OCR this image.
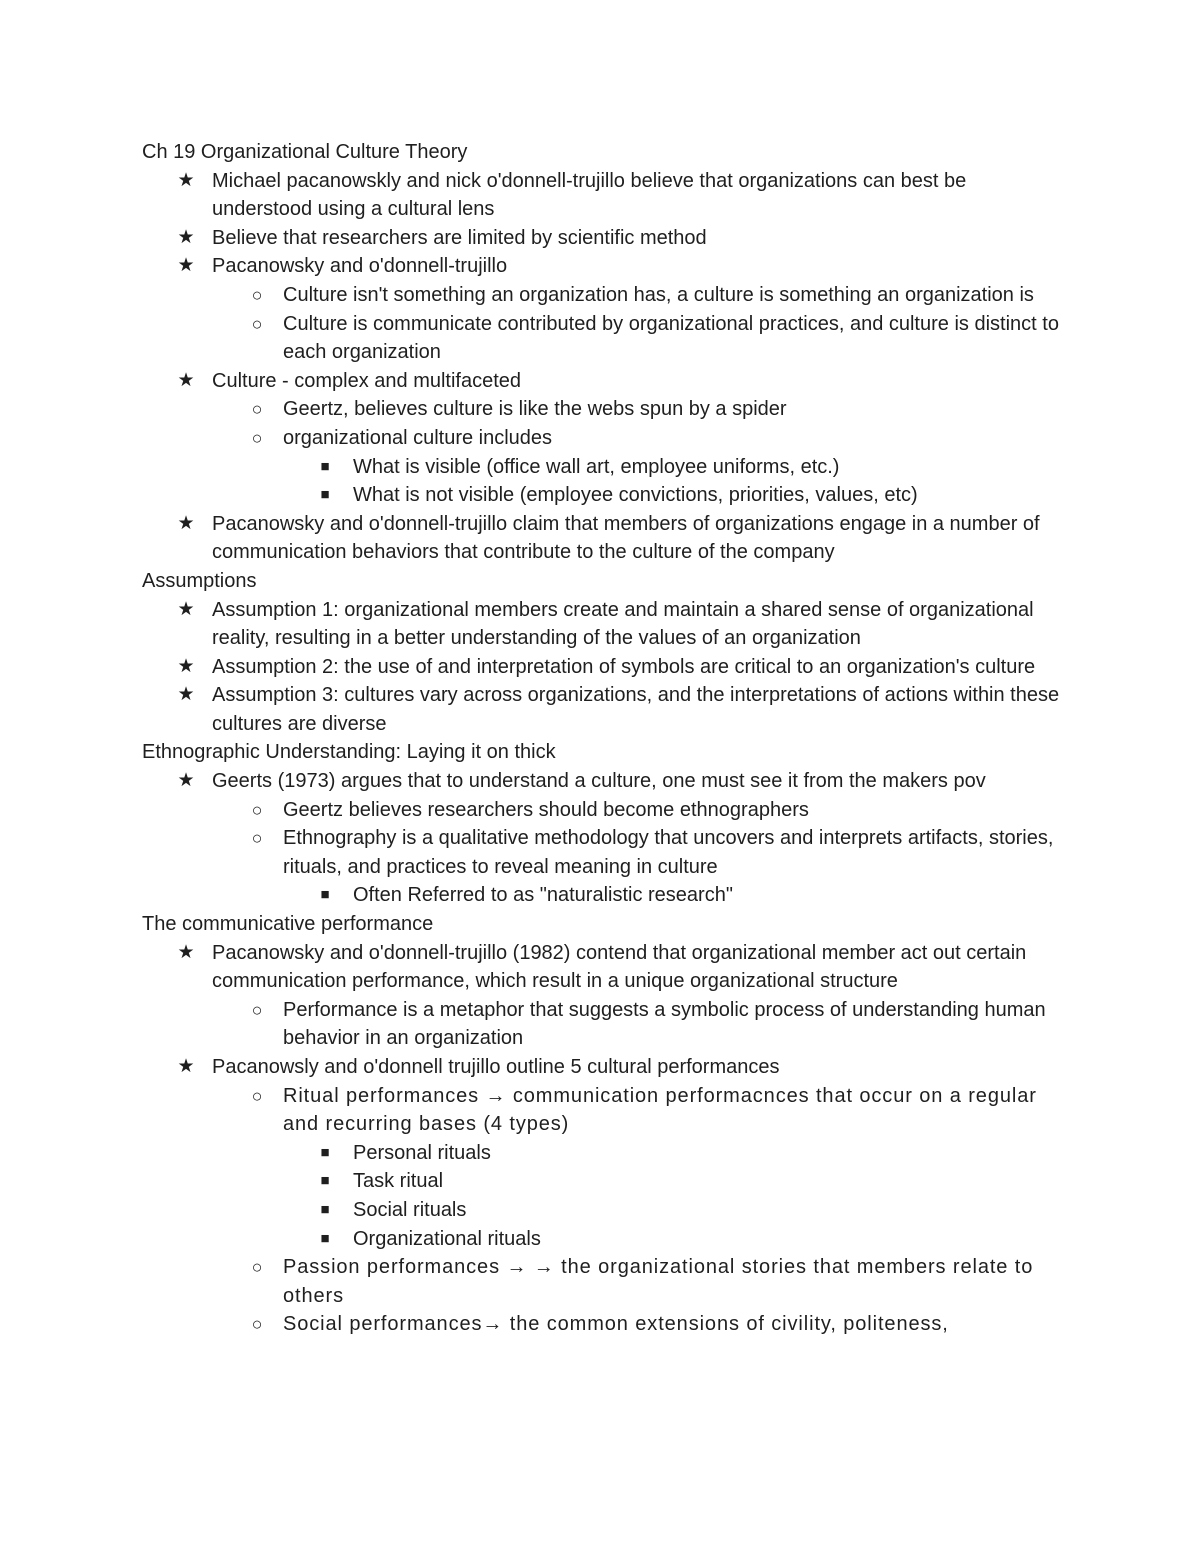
Ch 19 Organizational Culture Theory

★ Michael pacanowskly and nick o'donnell-trujillo believe that organizations can best be understood using a cultural lens

★ Believe that researchers are limited by scientific method

★ Pacanowsky and o'donnell-trujillo

○ Culture isn't something an organization has, a culture is something an organization is

○ Culture is communicate contributed by organizational practices, and culture is distinct to each organization

★ Culture - complex and multifaceted

○ Geertz, believes culture is like the webs spun by a spider

○ organizational culture includes

■ What is visible (office wall art, employee uniforms, etc.)

■ What is not visible (employee convictions, priorities, values, etc)

★ Pacanowsky and o'donnell-trujillo claim that members of organizations engage in a number of communication behaviors that contribute to the culture of the company

Assumptions

★ Assumption 1: organizational members create and maintain a shared sense of organizational reality, resulting in a better understanding of the values of an organization

★ Assumption 2: the use of and interpretation of symbols are critical to an organization's culture

★ Assumption 3: cultures vary across organizations, and the interpretations of actions within these cultures are diverse

Ethnographic Understanding: Laying it on thick

★ Geerts (1973) argues that to understand a culture, one must see it from the makers pov

○ Geertz believes researchers should become ethnographers

○ Ethnography is a qualitative methodology that uncovers and interprets artifacts, stories, rituals, and practices to reveal meaning in culture

■ Often Referred to as "naturalistic research"

The communicative performance

★ Pacanowsky and o'donnell-trujillo (1982) contend that organizational member act out certain communication performance, which result in a unique organizational structure

○ Performance is a metaphor that suggests a symbolic process of understanding human behavior in an organization

★ Pacanowsly and o'donnell trujillo outline 5 cultural performances

○ Ritual performances → communication performacnces that occur on a regular and recurring bases (4 types)

■ Personal rituals

■ Task ritual

■ Social rituals

■ Organizational rituals

○ Passion performances → → the organizational stories that members relate to others

○ Social performances→ the common extensions of civility, politeness,
